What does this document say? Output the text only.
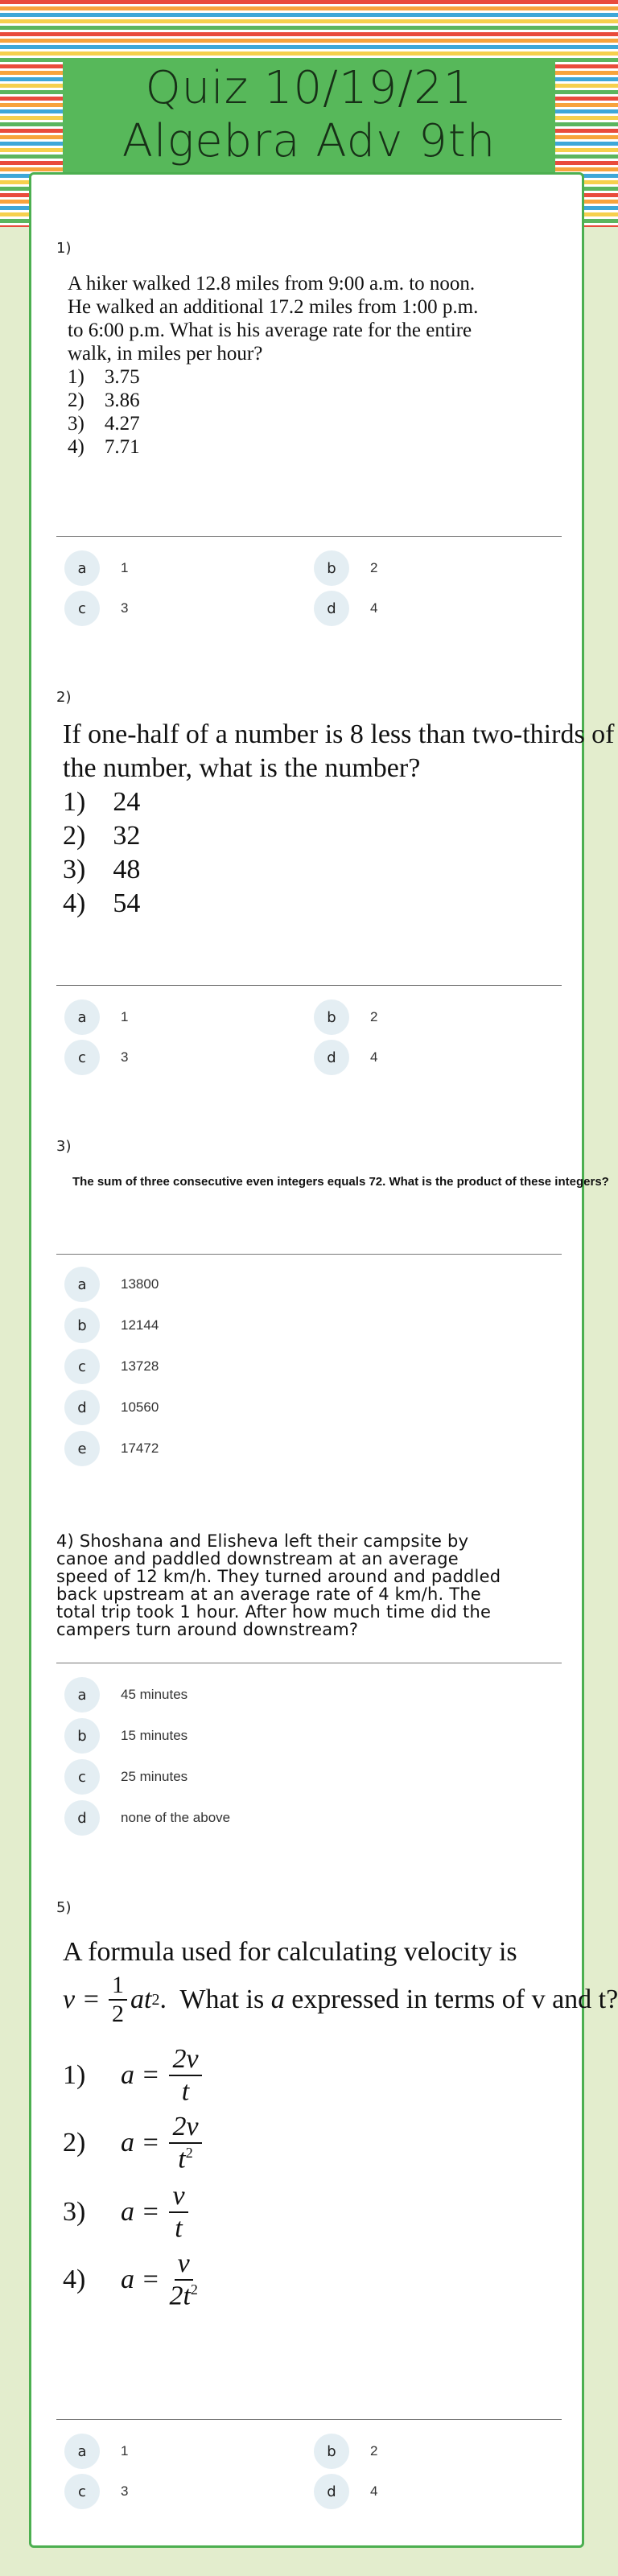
Quiz 10/19/21
Algebra Adv 9th
1)
A hiker walked 12.8 miles from 9:00 a.m. to noon.
He walked an additional 17.2 miles from 1:00 p.m.
to 6:00 p.m. What is his average rate for the entire
walk, in miles per hour?
1)    3.75
2)    3.86
3)    4.27
4)    7.71
a	1	b	2
c	3	d	4
2)
If one-half of a number is 8 less than two-thirds of
the number, what is the number?
1)    24
2)    32
3)    48
4)    54
a	1	b	2
c	3	d	4
3)
The sum of three consecutive even integers equals 72. What is the product of these integers?
a	13800
b	12144
c	13728
d	10560
e	17472
4) Shoshana and Elisheva left their campsite by
canoe and paddled downstream at an average
speed of 12 km/h. They turned around and paddled
back upstream at an average rate of 4 km/h. The
total trip took 1 hour. After how much time did the
campers turn around downstream?
a	45 minutes
b	15 minutes
c	25 minutes
d	none of the above
5)
A formula used for calculating velocity is
$v = \frac{1}{2}$ at 2 .  What is a expressed in terms of v and t?
1)	$a = \frac{2v}{t}$
2)	$a = \frac{2v}{t^2}$
3)	$a = \frac{v}{t}$
4)	$a = \frac{v}{2t^2}$
a	1	b	2
c	3	d	4
